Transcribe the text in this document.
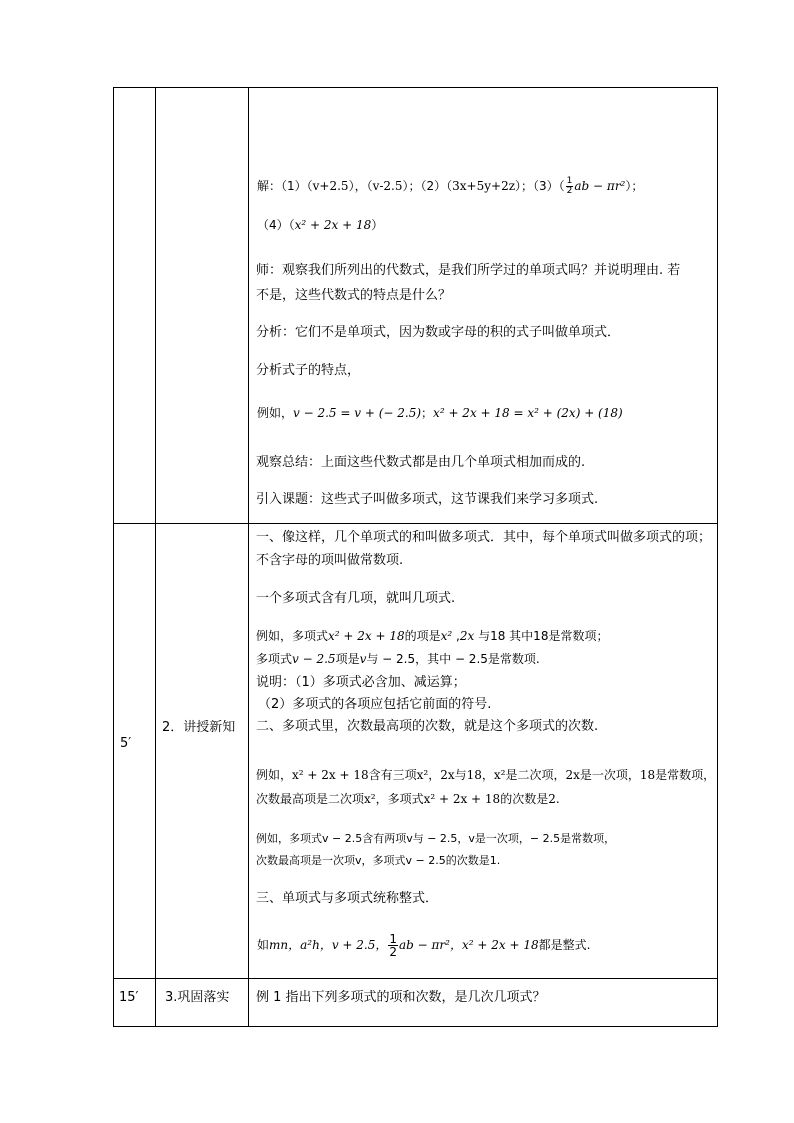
解：（1）（v+2.5），（v-2.5）；（2）（3x+5y+2z）；$(3)( \frac{1}{2}$ ab − πr²）；
（4）（x² + 2x + 18）
师：观察我们所列出的代数式，是我们所学过的单项式吗？并说明理由. 若
不是，这些代数式的特点是什么？
分析：它们不是单项式，因为数或字母的积的式子叫做单项式．
分析式子的特点，
例如，v − 2.5 = v + (− 2.5)；x² + 2x + 18 = x² + (2x) + (18)
观察总结：上面这些代数式都是由几个单项式相加而成的.
引入课题：这些式子叫做多项式，这节课我们来学习多项式.
5′
2．讲授新知
一、像这样，几个单项式的和叫做多项式．其中，每个单项式叫做多项式的项；
不含字母的项叫做常数项.
一个多项式含有几项，就叫几项式.
例如，多项式x² + 2x + 18的项是x² ,2x 与18 其中18是常数项；
多项式v − 2.5项是v与 − 2.5，其中 − 2.5是常数项.
说明：（1）多项式必含加、减运算；
（2）多项式的各项应包括它前面的符号.
二、多项式里，次数最高项的次数，就是这个多项式的次数.
例如，x² + 2x + 18含有三项x²，2x与18，x²是二次项，2x是一次项，18是常数项，
次数最高项是二次项x²，多项式x² + 2x + 18的次数是2.
例如，多项式v − 2.5含有两项v与 − 2.5，v是一次项，− 2.5是常数项，
次数最高项是一次项v，多项式v − 2.5的次数是1.
三、单项式与多项式统称整式．
如mn，a²h，v + 2.5， $\frac{1}{2}$ ab − πr²，x² + 2x + 18都是整式.
15′ 3.巩固落实 例 1 指出下列多项式的项和次数，是几次几项式？
